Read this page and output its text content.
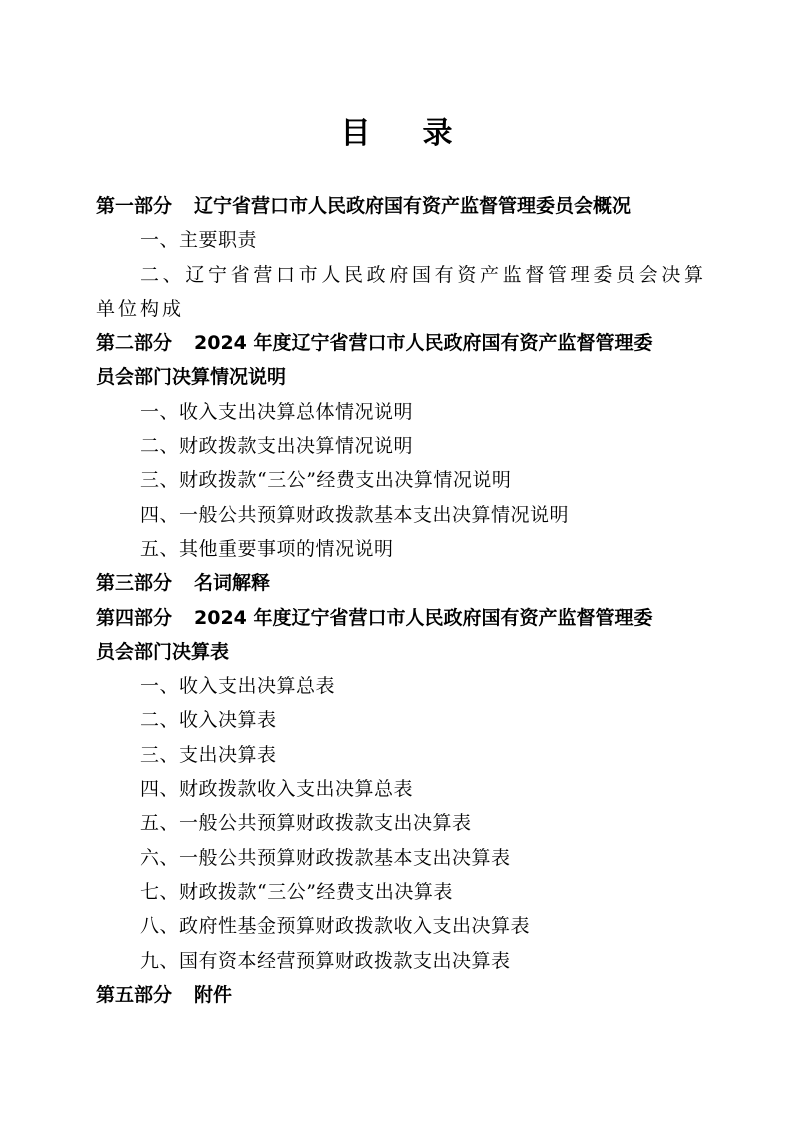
目录
第一部分 辽宁省营口市人民政府国有资产监督管理委员会概况
一、主要职责
二、辽宁省营口市人民政府国有资产监督管理委员会决算单位构成
第二部分 2024 年度辽宁省营口市人民政府国有资产监督管理委
员会部门决算情况说明
一、收入支出决算总体情况说明
二、财政拨款支出决算情况说明
三、财政拨款“三公”经费支出决算情况说明
四、一般公共预算财政拨款基本支出决算情况说明
五、其他重要事项的情况说明
第三部分 名词解释
第四部分 2024 年度辽宁省营口市人民政府国有资产监督管理委
员会部门决算表
一、收入支出决算总表
二、收入决算表
三、支出决算表
四、财政拨款收入支出决算总表
五、一般公共预算财政拨款支出决算表
六、一般公共预算财政拨款基本支出决算表
七、财政拨款“三公”经费支出决算表
八、政府性基金预算财政拨款收入支出决算表
九、国有资本经营预算财政拨款支出决算表
第五部分 附件
